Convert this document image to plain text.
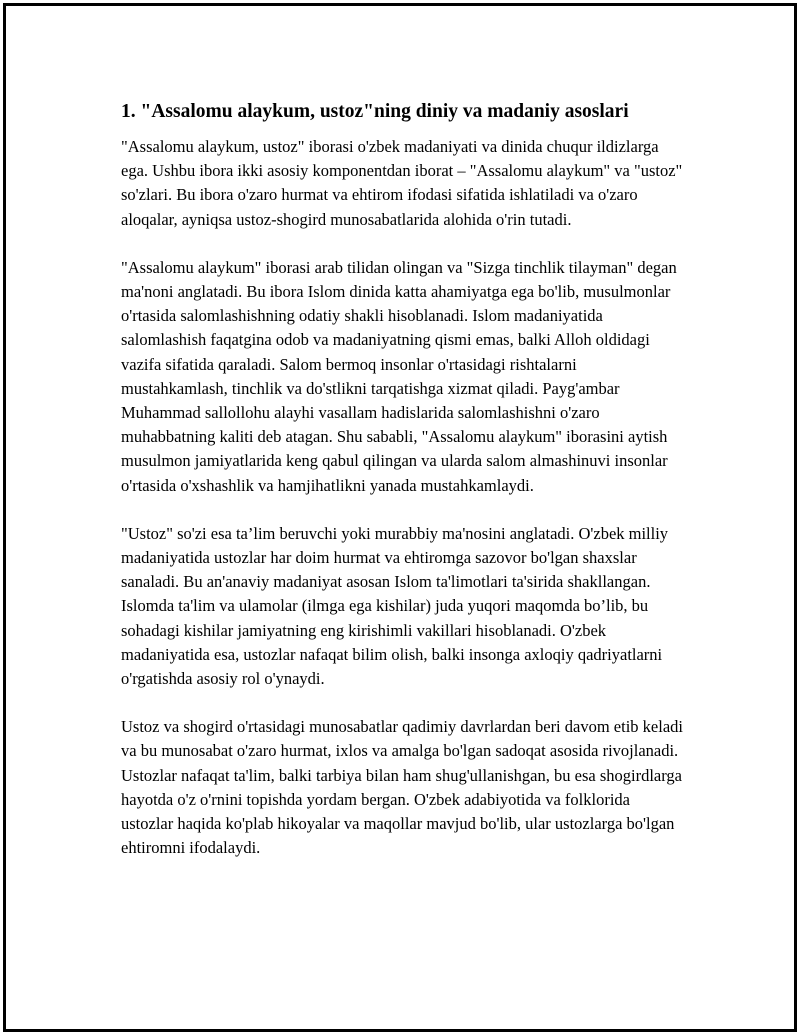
1. "Assalomu alaykum, ustoz"ning diniy va madaniy asoslari

"Assalomu alaykum, ustoz" iborasi o'zbek madaniyati va dinida chuqur ildizlarga ega. Ushbu ibora ikki asosiy komponentdan iborat – "Assalomu alaykum" va "ustoz" so'zlari. Bu ibora o'zaro hurmat va ehtirom ifodasi sifatida ishlatiladi va o'zaro aloqalar, ayniqsa ustoz-shogird munosabatlarida alohida o'rin tutadi.

"Assalomu alaykum" iborasi arab tilidan olingan va "Sizga tinchlik tilayman" degan ma'noni anglatadi. Bu ibora Islom dinida katta ahamiyatga ega bo'lib, musulmonlar o'rtasida salomlashishning odatiy shakli hisoblanadi. Islom madaniyatida salomlashish faqatgina odob va madaniyatning qismi emas, balki Alloh oldidagi vazifa sifatida qaraladi. Salom bermoq insonlar o'rtasidagi rishtalarni mustahkamlash, tinchlik va do'stlikni tarqatishga xizmat qiladi. Payg'ambar Muhammad sallollohu alayhi vasallam hadislarida salomlashishni o'zaro muhabbatning kaliti deb atagan. Shu sababli, "Assalomu alaykum" iborasini aytish musulmon jamiyatlarida keng qabul qilingan va ularda salom almashinuvi insonlar o'rtasida o'xshashlik va hamjihatlikni yanada mustahkamlaydi.

"Ustoz" so'zi esa ta’lim beruvchi yoki murabbiy ma'nosini anglatadi. O'zbek milliy madaniyatida ustozlar har doim hurmat va ehtiromga sazovor bo'lgan shaxslar sanaladi. Bu an'anaviy madaniyat asosan Islom ta'limotlari ta'sirida shakllangan. Islomda ta'lim va ulamolar (ilmga ega kishilar) juda yuqori maqomda bo’lib, bu sohadagi kishilar jamiyatning eng kirishimli vakillari hisoblanadi. O'zbek madaniyatida esa, ustozlar nafaqat bilim olish, balki insonga axloqiy qadriyatlarni o'rgatishda asosiy rol o'ynaydi.

Ustoz va shogird o'rtasidagi munosabatlar qadimiy davrlardan beri davom etib keladi va bu munosabat o'zaro hurmat, ixlos va amalga bo'lgan sadoqat asosida rivojlanadi. Ustozlar nafaqat ta'lim, balki tarbiya bilan ham shug'ullanishgan, bu esa shogirdlarga hayotda o'z o'rnini topishda yordam bergan. O'zbek adabiyotida va folklorida ustozlar haqida ko'plab hikoyalar va maqollar mavjud bo'lib, ular ustozlarga bo'lgan ehtiromni ifodalaydi.
